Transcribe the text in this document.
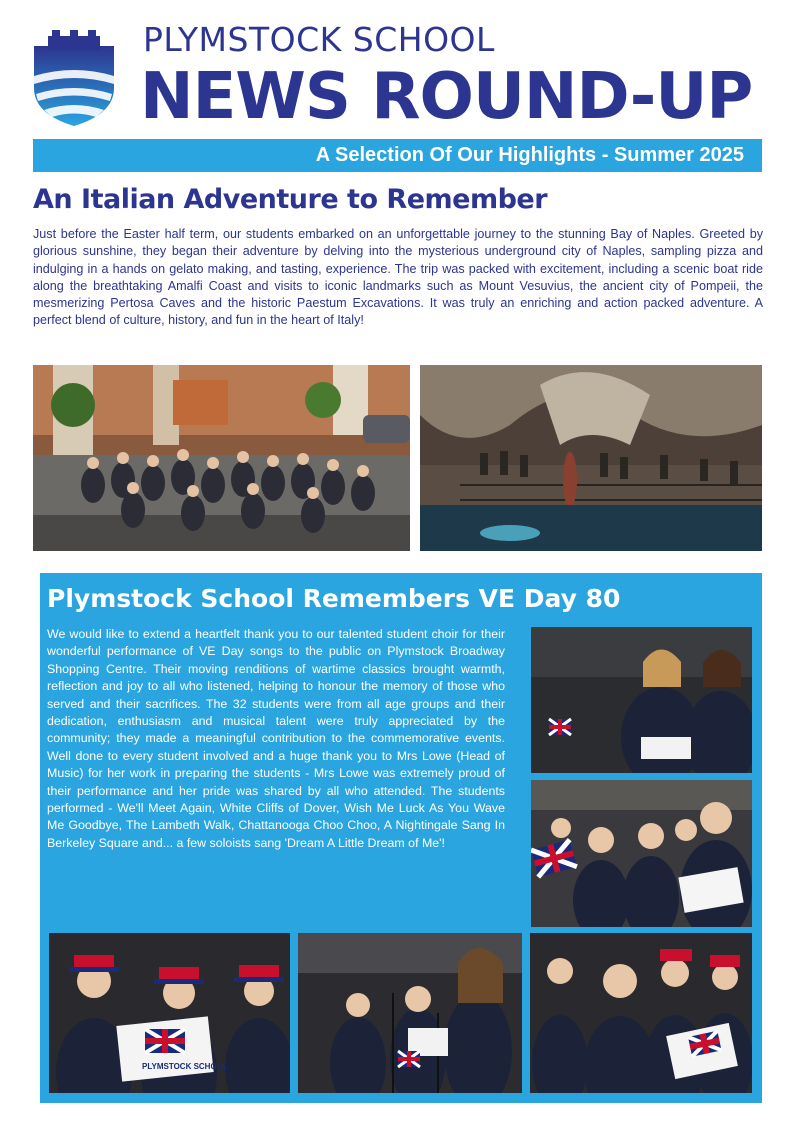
PLYMSTOCK SCHOOL
NEWS ROUND-UP
A Selection Of Our Highlights - Summer 2025
An Italian Adventure to Remember
Just before the Easter half term, our students embarked on an unforgettable journey to the stunning Bay of Naples. Greeted by glorious sunshine, they began their adventure by delving into the mysterious underground city of Naples, sampling pizza and indulging in a hands on gelato making, and tasting, experience. The trip was packed with excitement, including a scenic boat ride along the breathtaking Amalfi Coast and visits to iconic landmarks such as Mount Vesuvius, the ancient city of Pompeii, the mesmerizing Pertosa Caves and the historic Paestum Excavations. It was truly an enriching and action packed adventure. A perfect blend of culture, history, and fun in the heart of Italy!
Plymstock School Remembers VE Day 80
We would like to extend a heartfelt thank you to our talented student choir for their wonderful performance of VE Day songs to the public on Plymstock Broadway Shopping Centre. Their moving renditions of wartime classics brought warmth, reflection and joy to all who listened, helping to honour the memory of those who served and their sacrifices. The 32 students were from all age groups and their dedication, enthusiasm and musical talent were truly appreciated by the community; they made a meaningful contribution to the commemorative events. Well done to every student involved and a huge thank you to Mrs Lowe (Head of Music) for her work in preparing the students - Mrs Lowe was extremely proud of their performance and her pride was shared by all who attended. The students performed - We'll Meet Again, White Cliffs of Dover, Wish Me Luck As You Wave Me Goodbye, The Lambeth Walk, Chattanooga Choo Choo, A Nightingale Sang In Berkeley Square and... a few soloists sang 'Dream A Little Dream of Me'!
PLYMSTOCK SCHOOL
